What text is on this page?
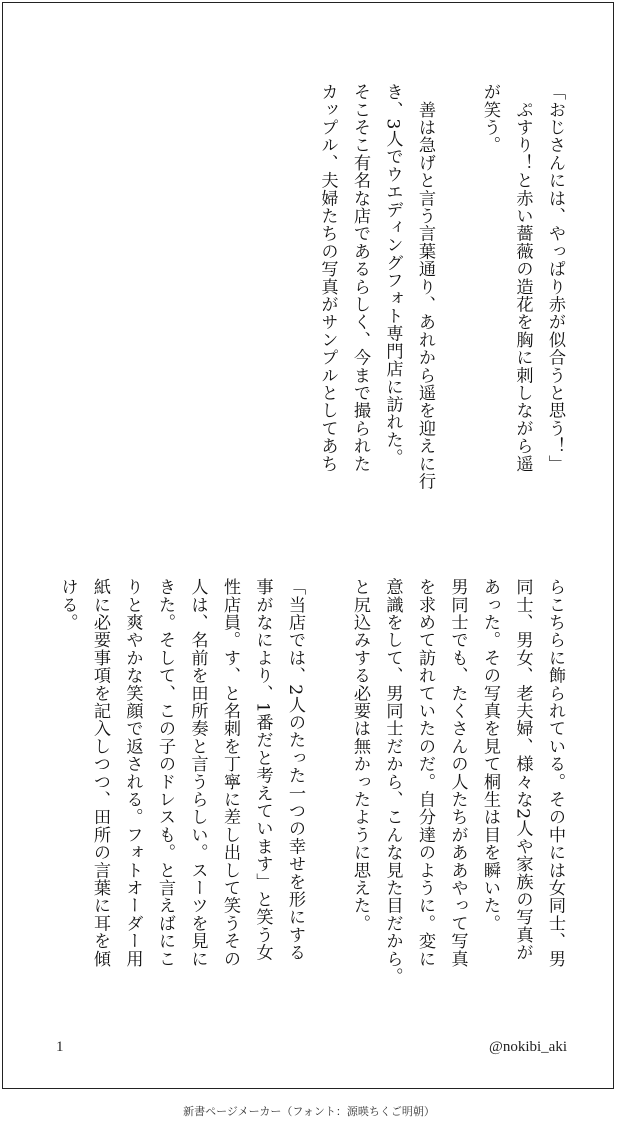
「おじさんには、やっぱり赤が似合うと思う！」

　ぷすり！と赤い薔薇の造花を胸に刺しながら遥

が笑う。

　善は急げと言う言葉通り、あれから遥を迎えに行

き、3人でウエディングフォト専門店に訪れた。

そこそこ有名な店であるらしく、今まで撮られた

カップル、夫婦たちの写真がサンプルとしてあち

らこちらに飾られている。その中には女同士、男

同士、男女、老夫婦、様々な2人や家族の写真が

あった。その写真を見て桐生は目を瞬いた。

男同士でも、たくさんの人たちがああやって写真

を求めて訪れていたのだ。自分達のように。変に

意識をして、男同士だから、こんな見た目だから。

と尻込みする必要は無かったように思えた。

「当店では、2人のたった一つの幸せを形にする

事がなにより、1番だと考えています」と笑う女

性店員。す、と名刺を丁寧に差し出して笑うその

人は、名前を田所奏と言うらしい。スーツを見に

きた。そして、この子のドレスも。と言えばにこ

りと爽やかな笑顔で返される。フォトオーダー用

紙に必要事項を記入しつつ、田所の言葉に耳を傾

ける。

1	@nokibi_aki
新書ページメーカー（フォント：源暎ちくご明朝）
